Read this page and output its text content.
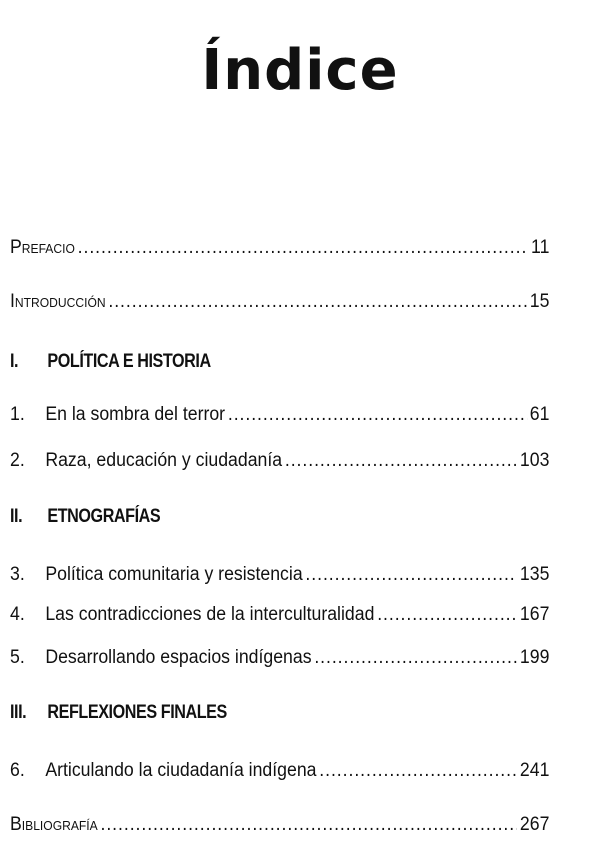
Índice
Prefacio .....	11
Introducción .....	15
I.	POLÍTICA E HISTORIA
1.	En la sombra del terror .....	61
2.	Raza, educación y ciudadanía .....	103
II.	ETNOGRAFÍAS
3.	Política comunitaria y resistencia .....	135
4.	Las contradicciones de la interculturalidad .....	167
5.	Desarrollando espacios indígenas .....	199
III.	REFLEXIONES FINALES
6.	Articulando la ciudadanía indígena .....	241
Bibliografía .....	267
